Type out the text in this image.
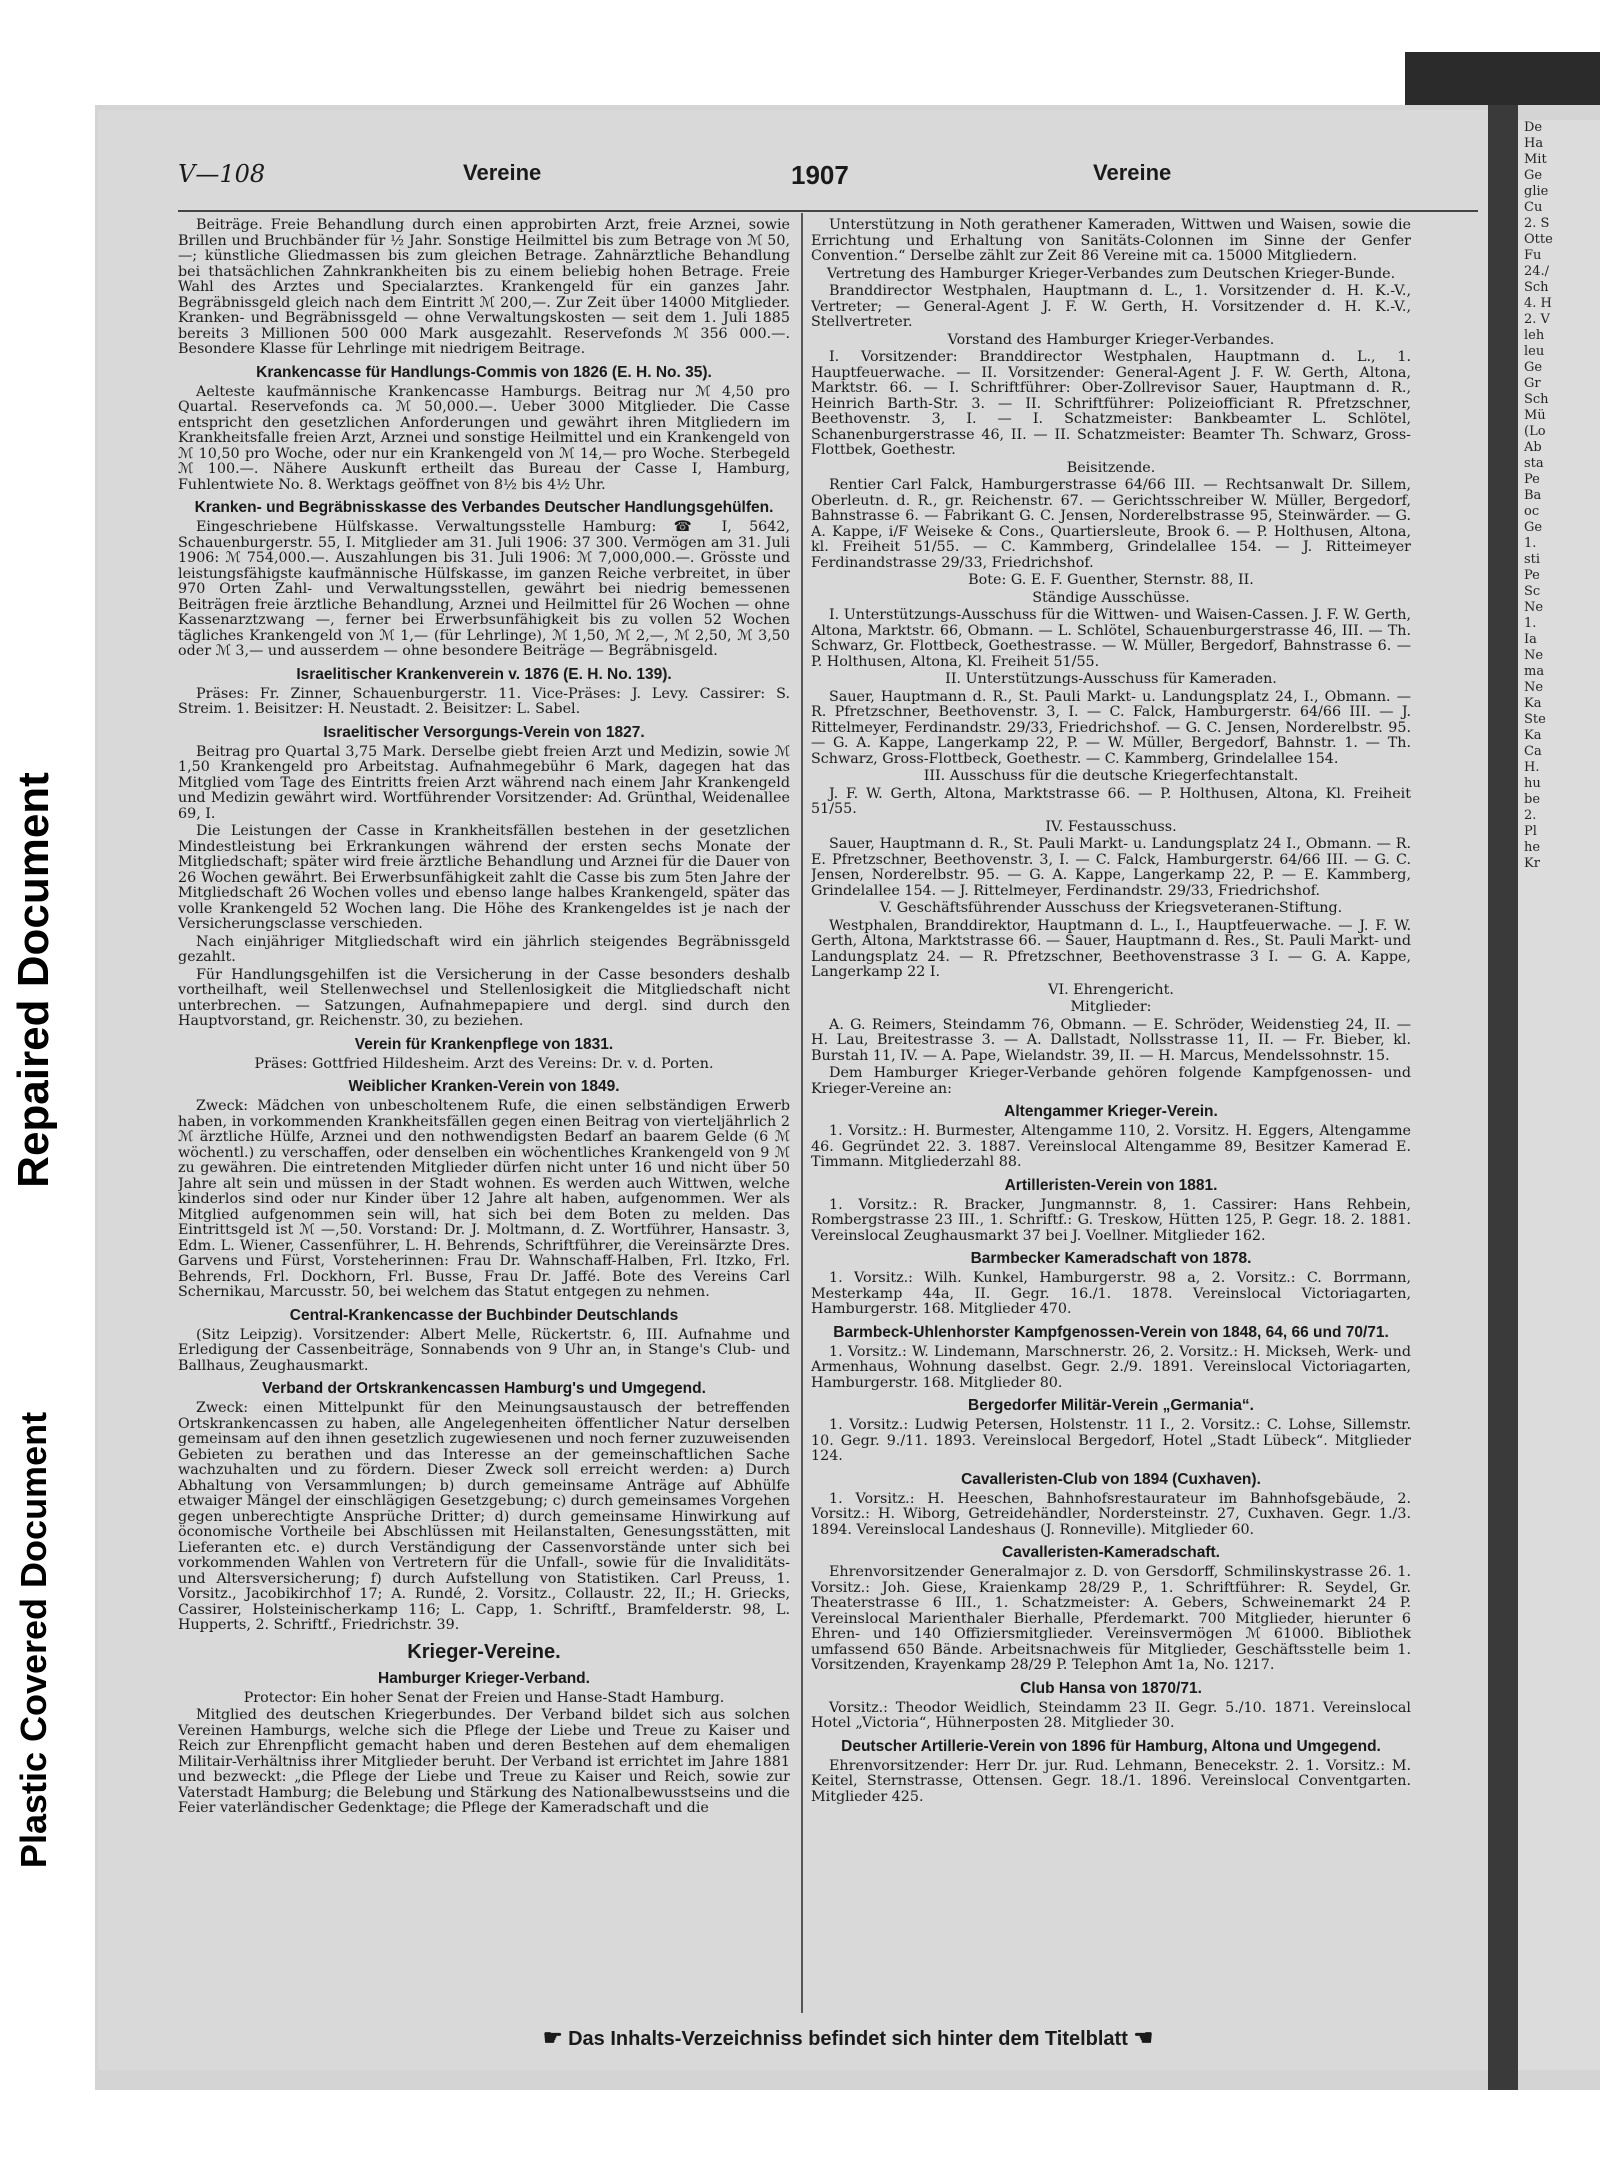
De
Ha
Mit
Ge
glie
Cu
2. S
Otte
Fu
24./
Sch
4. H
2. V
leh
leu
Ge
Gr
Sch
Mü
(Lo
Ab
sta
Pe
Ba
oc
Ge
1.
sti
Pe
Sc
Ne
1.
Ia
Ne
ma
Ne
Ka
Ste
Ka
Ca
H.
hu
be
2.
Pl
he
Kr
Repaired Document
Plastic Covered Document
V—108	Vereine	1907	Vereine

Beiträge. Freie Behandlung durch einen approbirten Arzt, freie Arznei, sowie Brillen und Bruchbänder für ½ Jahr. Sonstige Heilmittel bis zum Betrage von ℳ 50,—; künstliche Gliedmassen bis zum gleichen Betrage. Zahnärztliche Behandlung bei thatsächlichen Zahnkrankheiten bis zu einem beliebig hohen Betrage. Freie Wahl des Arztes und Specialarztes. Krankengeld für ein ganzes Jahr. Begräbnissgeld gleich nach dem Eintritt ℳ 200,—. Zur Zeit über 14000 Mitglieder. Kranken- und Begräbnissgeld — ohne Verwaltungskosten — seit dem 1. Juli 1885 bereits 3 Millionen 500 000 Mark ausgezahlt. Reservefonds ℳ 356 000.—. Besondere Klasse für Lehrlinge mit niedrigem Beitrage.

Krankencasse für Handlungs-Commis von 1826 (E. H. No. 35).

Aelteste kaufmännische Krankencasse Hamburgs. Beitrag nur ℳ 4,50 pro Quartal. Reservefonds ca. ℳ 50,000.—. Ueber 3000 Mitglieder. Die Casse entspricht den gesetzlichen Anforderungen und gewährt ihren Mitgliedern im Krankheitsfalle freien Arzt, Arznei und sonstige Heilmittel und ein Krankengeld von ℳ 10,50 pro Woche, oder nur ein Krankengeld von ℳ 14,— pro Woche. Sterbegeld ℳ 100.—. Nähere Auskunft ertheilt das Bureau der Casse I, Hamburg, Fuhlentwiete No. 8. Werktags geöffnet von 8½ bis 4½ Uhr.

Kranken- und Begräbnisskasse des Verbandes Deutscher Handlungsgehülfen.

Eingeschriebene Hülfskasse. Verwaltungsstelle Hamburg: ☎ I, 5642, Schauenburgerstr. 55, I. Mitglieder am 31. Juli 1906: 37 300. Vermögen am 31. Juli 1906: ℳ 754,000.—. Auszahlungen bis 31. Juli 1906: ℳ 7,000,000.—. Grösste und leistungsfähigste kaufmännische Hülfskasse, im ganzen Reiche verbreitet, in über 970 Orten Zahl- und Verwaltungsstellen, gewährt bei niedrig bemessenen Beiträgen freie ärztliche Behandlung, Arznei und Heilmittel für 26 Wochen — ohne Kassenarztzwang —, ferner bei Erwerbsunfähigkeit bis zu vollen 52 Wochen tägliches Krankengeld von ℳ 1,— (für Lehrlinge), ℳ 1,50, ℳ 2,—, ℳ 2,50, ℳ 3,50 oder ℳ 3,— und ausserdem — ohne besondere Beiträge — Begräbnisgeld.

Israelitischer Krankenverein v. 1876 (E. H. No. 139).

Präses: Fr. Zinner, Schauenburgerstr. 11. Vice-Präses: J. Levy. Cassirer: S. Streim. 1. Beisitzer: H. Neustadt. 2. Beisitzer: L. Sabel.

Israelitischer Versorgungs-Verein von 1827.

Beitrag pro Quartal 3,75 Mark. Derselbe giebt freien Arzt und Medizin, sowie ℳ 1,50 Krankengeld pro Arbeitstag. Aufnahmegebühr 6 Mark, dagegen hat das Mitglied vom Tage des Eintritts freien Arzt während nach einem Jahr Krankengeld und Medizin gewährt wird. Wortführender Vorsitzender: Ad. Grünthal, Weidenallee 69, I.

Die Leistungen der Casse in Krankheitsfällen bestehen in der gesetzlichen Mindestleistung bei Erkrankungen während der ersten sechs Monate der Mitgliedschaft; später wird freie ärztliche Behandlung und Arznei für die Dauer von 26 Wochen gewährt. Bei Erwerbsunfähigkeit zahlt die Casse bis zum 5ten Jahre der Mitgliedschaft 26 Wochen volles und ebenso lange halbes Krankengeld, später das volle Krankengeld 52 Wochen lang. Die Höhe des Krankengeldes ist je nach der Versicherungsclasse verschieden.

Nach einjähriger Mitgliedschaft wird ein jährlich steigendes Begräbnissgeld gezahlt.

Für Handlungsgehilfen ist die Versicherung in der Casse besonders deshalb vortheilhaft, weil Stellenwechsel und Stellenlosigkeit die Mitgliedschaft nicht unterbrechen. — Satzungen, Aufnahmepapiere und dergl. sind durch den Hauptvorstand, gr. Reichenstr. 30, zu beziehen.

Verein für Krankenpflege von 1831.

Präses: Gottfried Hildesheim. Arzt des Vereins: Dr. v. d. Porten.

Weiblicher Kranken-Verein von 1849.

Zweck: Mädchen von unbescholtenem Rufe, die einen selbständigen Erwerb haben, in vorkommenden Krankheitsfällen gegen einen Beitrag von vierteljährlich 2 ℳ ärztliche Hülfe, Arznei und den nothwendigsten Bedarf an baarem Gelde (6 ℳ wöchentl.) zu verschaffen, oder denselben ein wöchentliches Krankengeld von 9 ℳ zu gewähren. Die eintretenden Mitglieder dürfen nicht unter 16 und nicht über 50 Jahre alt sein und müssen in der Stadt wohnen. Es werden auch Wittwen, welche kinderlos sind oder nur Kinder über 12 Jahre alt haben, aufgenommen. Wer als Mitglied aufgenommen sein will, hat sich bei dem Boten zu melden. Das Eintrittsgeld ist ℳ —,50. Vorstand: Dr. J. Moltmann, d. Z. Wortführer, Hansastr. 3, Edm. L. Wiener, Cassenführer, L. H. Behrends, Schriftführer, die Vereinsärzte Dres. Garvens und Fürst, Vorsteherinnen: Frau Dr. Wahnschaff-Halben, Frl. Itzko, Frl. Behrends, Frl. Dockhorn, Frl. Busse, Frau Dr. Jaffé. Bote des Vereins Carl Schernikau, Marcusstr. 50, bei welchem das Statut entgegen zu nehmen.

Central-Krankencasse der Buchbinder Deutschlands

(Sitz Leipzig). Vorsitzender: Albert Melle, Rückertstr. 6, III. Aufnahme und Erledigung der Cassenbeiträge, Sonnabends von 9 Uhr an, in Stange's Club- und Ballhaus, Zeughausmarkt.

Verband der Ortskrankencassen Hamburg's und Umgegend.

Zweck: einen Mittelpunkt für den Meinungsaustausch der betreffenden Ortskrankencassen zu haben, alle Angelegenheiten öffentlicher Natur derselben gemeinsam auf den ihnen gesetzlich zugewiesenen und noch ferner zuzuweisenden Gebieten zu berathen und das Interesse an der gemeinschaftlichen Sache wachzuhalten und zu fördern. Dieser Zweck soll erreicht werden: a) Durch Abhaltung von Versammlungen; b) durch gemeinsame Anträge auf Abhülfe etwaiger Mängel der einschlägigen Gesetzgebung; c) durch gemeinsames Vorgehen gegen unberechtigte Ansprüche Dritter; d) durch gemeinsame Hinwirkung auf öconomische Vortheile bei Abschlüssen mit Heilanstalten, Genesungsstätten, mit Lieferanten etc. e) durch Verständigung der Cassenvorstände unter sich bei vorkommenden Wahlen von Vertretern für die Unfall-, sowie für die Invaliditäts- und Altersversicherung; f) durch Aufstellung von Statistiken. Carl Preuss, 1. Vorsitz., Jacobikirchhof 17; A. Rundé, 2. Vorsitz., Collaustr. 22, II.; H. Griecks, Cassirer, Holsteinischerkamp 116; L. Capp, 1. Schriftf., Bramfelderstr. 98, L. Hupperts, 2. Schriftf., Friedrichstr. 39.

Krieger-Vereine.
Hamburger Krieger-Verband.

Protector: Ein hoher Senat der Freien und Hanse-Stadt Hamburg.

Mitglied des deutschen Kriegerbundes. Der Verband bildet sich aus solchen Vereinen Hamburgs, welche sich die Pflege der Liebe und Treue zu Kaiser und Reich zur Ehrenpflicht gemacht haben und deren Bestehen auf dem ehemaligen Militair-Verhältniss ihrer Mitglieder beruht. Der Verband ist errichtet im Jahre 1881 und bezweckt: „die Pflege der Liebe und Treue zu Kaiser und Reich, sowie zur Vaterstadt Hamburg; die Belebung und Stärkung des Nationalbewusstseins und die Feier vaterländischer Gedenktage; die Pflege der Kameradschaft und die

Unterstützung in Noth gerathener Kameraden, Wittwen und Waisen, sowie die Errichtung und Erhaltung von Sanitäts-Colonnen im Sinne der Genfer Convention.“ Derselbe zählt zur Zeit 86 Vereine mit ca. 15000 Mitgliedern.

Vertretung des Hamburger Krieger-Verbandes zum Deutschen Krieger-Bunde.

Branddirector Westphalen, Hauptmann d. L., 1. Vorsitzender d. H. K.-V., Vertreter; — General-Agent J. F. W. Gerth, H. Vorsitzender d. H. K.-V., Stellvertreter.

Vorstand des Hamburger Krieger-Verbandes.

I. Vorsitzender: Branddirector Westphalen, Hauptmann d. L., 1. Hauptfeuerwache. — II. Vorsitzender: General-Agent J. F. W. Gerth, Altona, Marktstr. 66. — I. Schriftführer: Ober-Zollrevisor Sauer, Hauptmann d. R., Heinrich Barth-Str. 3. — II. Schriftführer: Polizeiofficiant R. Pfretzschner, Beethovenstr. 3, I. — I. Schatzmeister: Bankbeamter L. Schlötel, Schanenburgerstrasse 46, II. — II. Schatzmeister: Beamter Th. Schwarz, Gross-Flottbek, Goethestr.

Beisitzende.

Rentier Carl Falck, Hamburgerstrasse 64/66 III. — Rechtsanwalt Dr. Sillem, Oberleutn. d. R., gr. Reichenstr. 67. — Gerichtsschreiber W. Müller, Bergedorf, Bahnstrasse 6. — Fabrikant G. C. Jensen, Norderelbstrasse 95, Steinwärder. — G. A. Kappe, i/F Weiseke & Cons., Quartiersleute, Brook 6. — P. Holthusen, Altona, kl. Freiheit 51/55. — C. Kammberg, Grindelallee 154. — J. Ritteimeyer Ferdinandstrasse 29/33, Friedrichshof.

Bote: G. E. F. Guenther, Sternstr. 88, II.

Ständige Ausschüsse.

I. Unterstützungs-Ausschuss für die Wittwen- und Waisen-Cassen. J. F. W. Gerth, Altona, Marktstr. 66, Obmann. — L. Schlötel, Schauenburgerstrasse 46, III. — Th. Schwarz, Gr. Flottbeck, Goethestrasse. — W. Müller, Bergedorf, Bahnstrasse 6. — P. Holthusen, Altona, Kl. Freiheit 51/55.

II. Unterstützungs-Ausschuss für Kameraden.

Sauer, Hauptmann d. R., St. Pauli Markt- u. Landungsplatz 24, I., Obmann. — R. Pfretzschner, Beethovenstr. 3, I. — C. Falck, Hamburgerstr. 64/66 III. — J. Rittelmeyer, Ferdinandstr. 29/33, Friedrichshof. — G. C. Jensen, Norderelbstr. 95. — G. A. Kappe, Langerkamp 22, P. — W. Müller, Bergedorf, Bahnstr. 1. — Th. Schwarz, Gross-Flottbeck, Goethestr. — C. Kammberg, Grindelallee 154.

III. Ausschuss für die deutsche Kriegerfechtanstalt.

J. F. W. Gerth, Altona, Marktstrasse 66. — P. Holthusen, Altona, Kl. Freiheit 51/55.

IV. Festausschuss.

Sauer, Hauptmann d. R., St. Pauli Markt- u. Landungsplatz 24 I., Obmann. — R. E. Pfretzschner, Beethovenstr. 3, I. — C. Falck, Hamburgerstr. 64/66 III. — G. C. Jensen, Norderelbstr. 95. — G. A. Kappe, Langerkamp 22, P. — E. Kammberg, Grindelallee 154. — J. Rittelmeyer, Ferdinandstr. 29/33, Friedrichshof.

V. Geschäftsführender Ausschuss der Kriegsveteranen-Stiftung.

Westphalen, Branddirektor, Hauptmann d. L., I., Hauptfeuerwache. — J. F. W. Gerth, Altona, Marktstrasse 66. — Sauer, Hauptmann d. Res., St. Pauli Markt- und Landungsplatz 24. — R. Pfretzschner, Beethovenstrasse 3 I. — G. A. Kappe, Langerkamp 22 I.

VI. Ehrengericht.

Mitglieder:

A. G. Reimers, Steindamm 76, Obmann. — E. Schröder, Weidenstieg 24, II. — H. Lau, Breitestrasse 3. — A. Dallstadt, Nollsstrasse 11, II. — Fr. Bieber, kl. Burstah 11, IV. — A. Pape, Wielandstr. 39, II. — H. Marcus, Mendelssohnstr. 15.

Dem Hamburger Krieger-Verbande gehören folgende Kampfgenossen- und Krieger-Vereine an:

Altengammer Krieger-Verein.

1. Vorsitz.: H. Burmester, Altengamme 110, 2. Vorsitz. H. Eggers, Altengamme 46. Gegründet 22. 3. 1887. Vereinslocal Altengamme 89, Besitzer Kamerad E. Timmann. Mitgliederzahl 88.

Artilleristen-Verein von 1881.

1. Vorsitz.: R. Bracker, Jungmannstr. 8, 1. Cassirer: Hans Rehbein, Rombergstrasse 23 III., 1. Schriftf.: G. Treskow, Hütten 125, P. Gegr. 18. 2. 1881. Vereinslocal Zeughausmarkt 37 bei J. Voellner. Mitglieder 162.

Barmbecker Kameradschaft von 1878.

1. Vorsitz.: Wilh. Kunkel, Hamburgerstr. 98 a, 2. Vorsitz.: C. Borrmann, Mesterkamp 44a, II. Gegr. 16./1. 1878. Vereinslocal Victoriagarten, Hamburgerstr. 168. Mitglieder 470.

Barmbeck-Uhlenhorster Kampfgenossen-Verein von 1848, 64, 66 und 70/71.

1. Vorsitz.: W. Lindemann, Marschnerstr. 26, 2. Vorsitz.: H. Mickseh, Werk- und Armenhaus, Wohnung daselbst. Gegr. 2./9. 1891. Vereinslocal Victoriagarten, Hamburgerstr. 168. Mitglieder 80.

Bergedorfer Militär-Verein „Germania“.

1. Vorsitz.: Ludwig Petersen, Holstenstr. 11 I., 2. Vorsitz.: C. Lohse, Sillemstr. 10. Gegr. 9./11. 1893. Vereinslocal Bergedorf, Hotel „Stadt Lübeck“. Mitglieder 124.

Cavalleristen-Club von 1894 (Cuxhaven).

1. Vorsitz.: H. Heeschen, Bahnhofsrestaurateur im Bahnhofsgebäude, 2. Vorsitz.: H. Wiborg, Getreidehändler, Nordersteinstr. 27, Cuxhaven. Gegr. 1./3. 1894. Vereinslocal Landeshaus (J. Ronneville). Mitglieder 60.

Cavalleristen-Kameradschaft.

Ehrenvorsitzender Generalmajor z. D. von Gersdorff, Schmilinskystrasse 26. 1. Vorsitz.: Joh. Giese, Kraienkamp 28/29 P., 1. Schriftführer: R. Seydel, Gr. Theaterstrasse 6 III., 1. Schatzmeister: A. Gebers, Schweinemarkt 24 P. Vereinslocal Marienthaler Bierhalle, Pferdemarkt. 700 Mitglieder, hierunter 6 Ehren- und 140 Offiziersmitglieder. Vereinsvermögen ℳ 61000. Bibliothek umfassend 650 Bände. Arbeitsnachweis für Mitglieder, Geschäftsstelle beim 1. Vorsitzenden, Krayenkamp 28/29 P. Telephon Amt 1a, No. 1217.

Club Hansa von 1870/71.

Vorsitz.: Theodor Weidlich, Steindamm 23 II. Gegr. 5./10. 1871. Vereinslocal Hotel „Victoria“, Hühnerposten 28. Mitglieder 30.

Deutscher Artillerie-Verein von 1896 für Hamburg, Altona und Umgegend.

Ehrenvorsitzender: Herr Dr. jur. Rud. Lehmann, Benecekstr. 2. 1. Vorsitz.: M. Keitel, Sternstrasse, Ottensen. Gegr. 18./1. 1896. Vereinslocal Conventgarten. Mitglieder 425.

☛ Das Inhalts-Verzeichniss befindet sich hinter dem Titelblatt ☚
